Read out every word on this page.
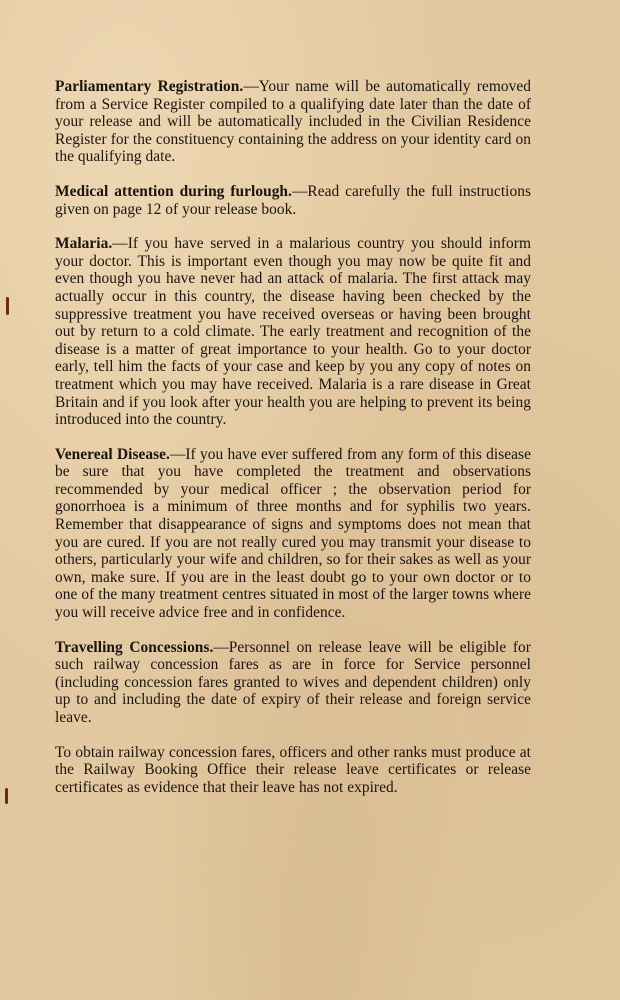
Parliamentary Registration.—Your name will be automatically removed from a Service Register compiled to a qualifying date later than the date of your release and will be automatically included in the Civilian Residence Register for the constituency containing the address on your identity card on the qualifying date.

Medical attention during furlough.—Read carefully the full instructions given on page 12 of your release book.

Malaria.—If you have served in a malarious country you should inform your doctor. This is important even though you may now be quite fit and even though you have never had an attack of malaria. The first attack may actually occur in this country, the disease having been checked by the suppressive treatment you have received overseas or having been brought out by return to a cold climate. The early treatment and recognition of the disease is a matter of great importance to your health. Go to your doctor early, tell him the facts of your case and keep by you any copy of notes on treatment which you may have received. Malaria is a rare disease in Great Britain and if you look after your health you are helping to prevent its being introduced into the country.

Venereal Disease.—If you have ever suffered from any form of this disease be sure that you have completed the treatment and observations recommended by your medical officer ; the observation period for gonorrhoea is a minimum of three months and for syphilis two years. Remember that disappearance of signs and symptoms does not mean that you are cured. If you are not really cured you may transmit your disease to others, particularly your wife and children, so for their sakes as well as your own, make sure. If you are in the least doubt go to your own doctor or to one of the many treatment centres situated in most of the larger towns where you will receive advice free and in confidence.

Travelling Concessions.—Personnel on release leave will be eligible for such railway concession fares as are in force for Service personnel (including concession fares granted to wives and dependent children) only up to and including the date of expiry of their release and foreign service leave.

To obtain railway concession fares, officers and other ranks must produce at the Railway Booking Office their release leave certificates or release certificates as evidence that their leave has not expired.
